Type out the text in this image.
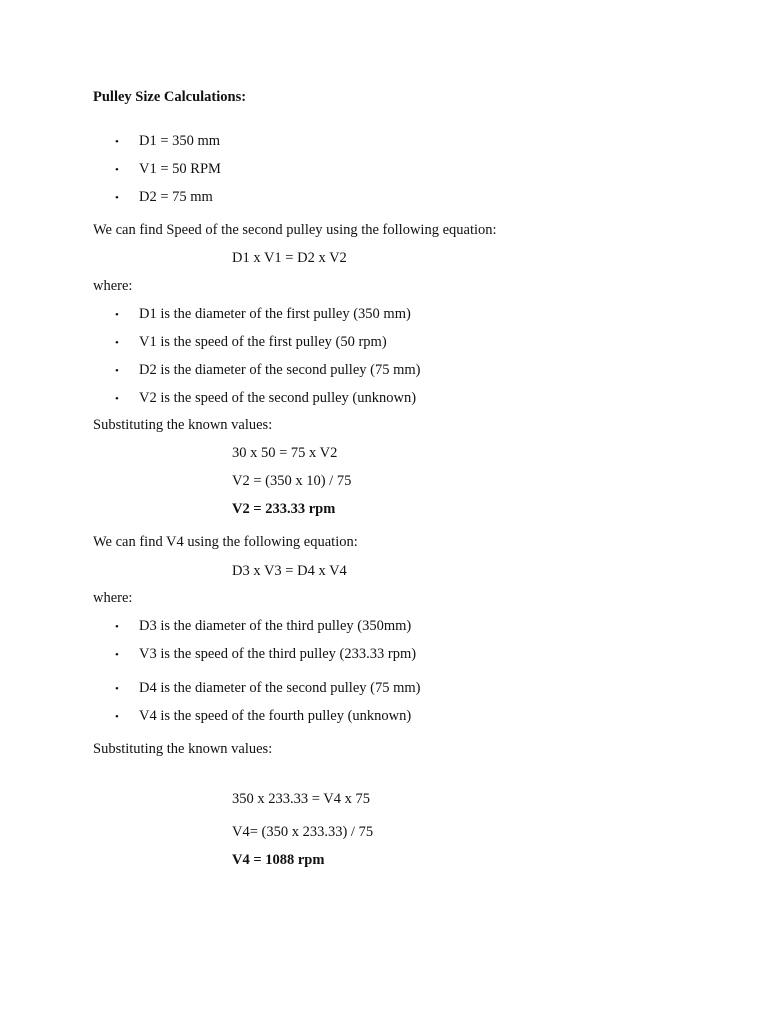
Pulley Size Calculations:
• D1 = 350 mm
• V1 = 50 RPM
• D2 = 75 mm
We can find Speed of the second pulley using the following equation:
D1 x V1 = D2 x V2
where:
• D1 is the diameter of the first pulley (350 mm)
• V1 is the speed of the first pulley (50 rpm)
• D2 is the diameter of the second pulley (75 mm)
• V2 is the speed of the second pulley (unknown)
Substituting the known values:
30 x 50 = 75 x V2
V2 = (350 x 10) / 75
V2 = 233.33 rpm
We can find V4 using the following equation:
D3 x V3 = D4 x V4
where:
• D3 is the diameter of the third pulley (350mm)
• V3 is the speed of the third pulley (233.33 rpm)
• D4 is the diameter of the second pulley (75 mm)
• V4 is the speed of the fourth pulley (unknown)
Substituting the known values:
350 x 233.33 = V4 x 75
V4= (350 x 233.33) / 75
V4 = 1088 rpm
